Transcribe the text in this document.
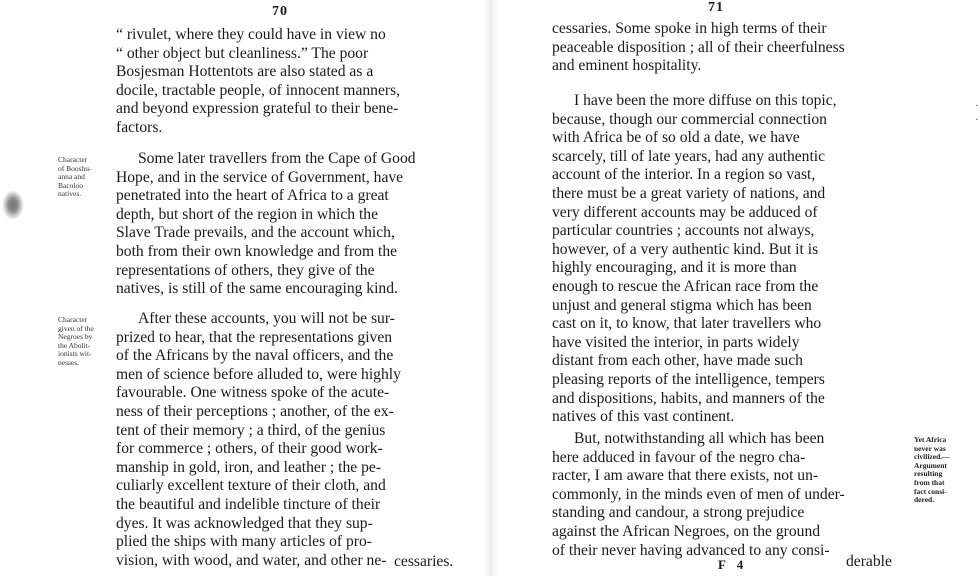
70

“ rivulet, where they could have in view no

“ other object but cleanliness.” The poor

Bosjesman Hottentots are also stated as a

docile, tractable people, of innocent manners,

and beyond expression grateful to their bene-

factors.

Character
of Booshu-
anna and
Bacoloo
natives.

Some later travellers from the Cape of Good

Hope, and in the service of Government, have

penetrated into the heart of Africa to a great

depth, but short of the region in which the

Slave Trade prevails, and the account which,

both from their own knowledge and from the

representations of others, they give of the

natives, is still of the same encouraging kind.

Character
given of the
Negroes by
the Abolit-
ionists wit-
nesses.

After these accounts, you will not be sur-

prized to hear, that the representations given

of the Africans by the naval officers, and the

men of science before alluded to, were highly

favourable. One witness spoke of the acute-

ness of their perceptions ; another, of the ex-

tent of their memory ; a third, of the genius

for commerce ; others, of their good work-

manship in gold, iron, and leather ; the pe-

culiarly excellent texture of their cloth, and

the beautiful and indelible tincture of their

dyes. It was acknowledged that they sup-

plied the ships with many articles of pro-

vision, with wood, and water, and other ne- cessaries.
71

cessaries. Some spoke in high terms of their

peaceable disposition ; all of their cheerfulness

and eminent hospitality.

I have been the more diffuse on this topic,

because, though our commercial connection

with Africa be of so old a date, we have

scarcely, till of late years, had any authentic

account of the interior. In a region so vast,

there must be a great variety of nations, and

very different accounts may be adduced of

particular countries ; accounts not always,

however, of a very authentic kind. But it is

highly encouraging, and it is more than

enough to rescue the African race from the

unjust and general stigma which has been

cast on it, to know, that later travellers who

have visited the interior, in parts widely

distant from each other, have made such

pleasing reports of the intelligence, tempers

and dispositions, habits, and manners of the

natives of this vast continent.

But, notwithstanding all which has been

here adduced in favour of the negro cha-

racter, I am aware that there exists, not un-

commonly, in the minds even of men of under-

standing and candour, a strong prejudice

against the African Negroes, on the ground

of their never having advanced to any consi-

Yet Africa
never was
civilized.—
Argument
resulting
from that
fact consi-
dered.
F 4	derable
.
.
